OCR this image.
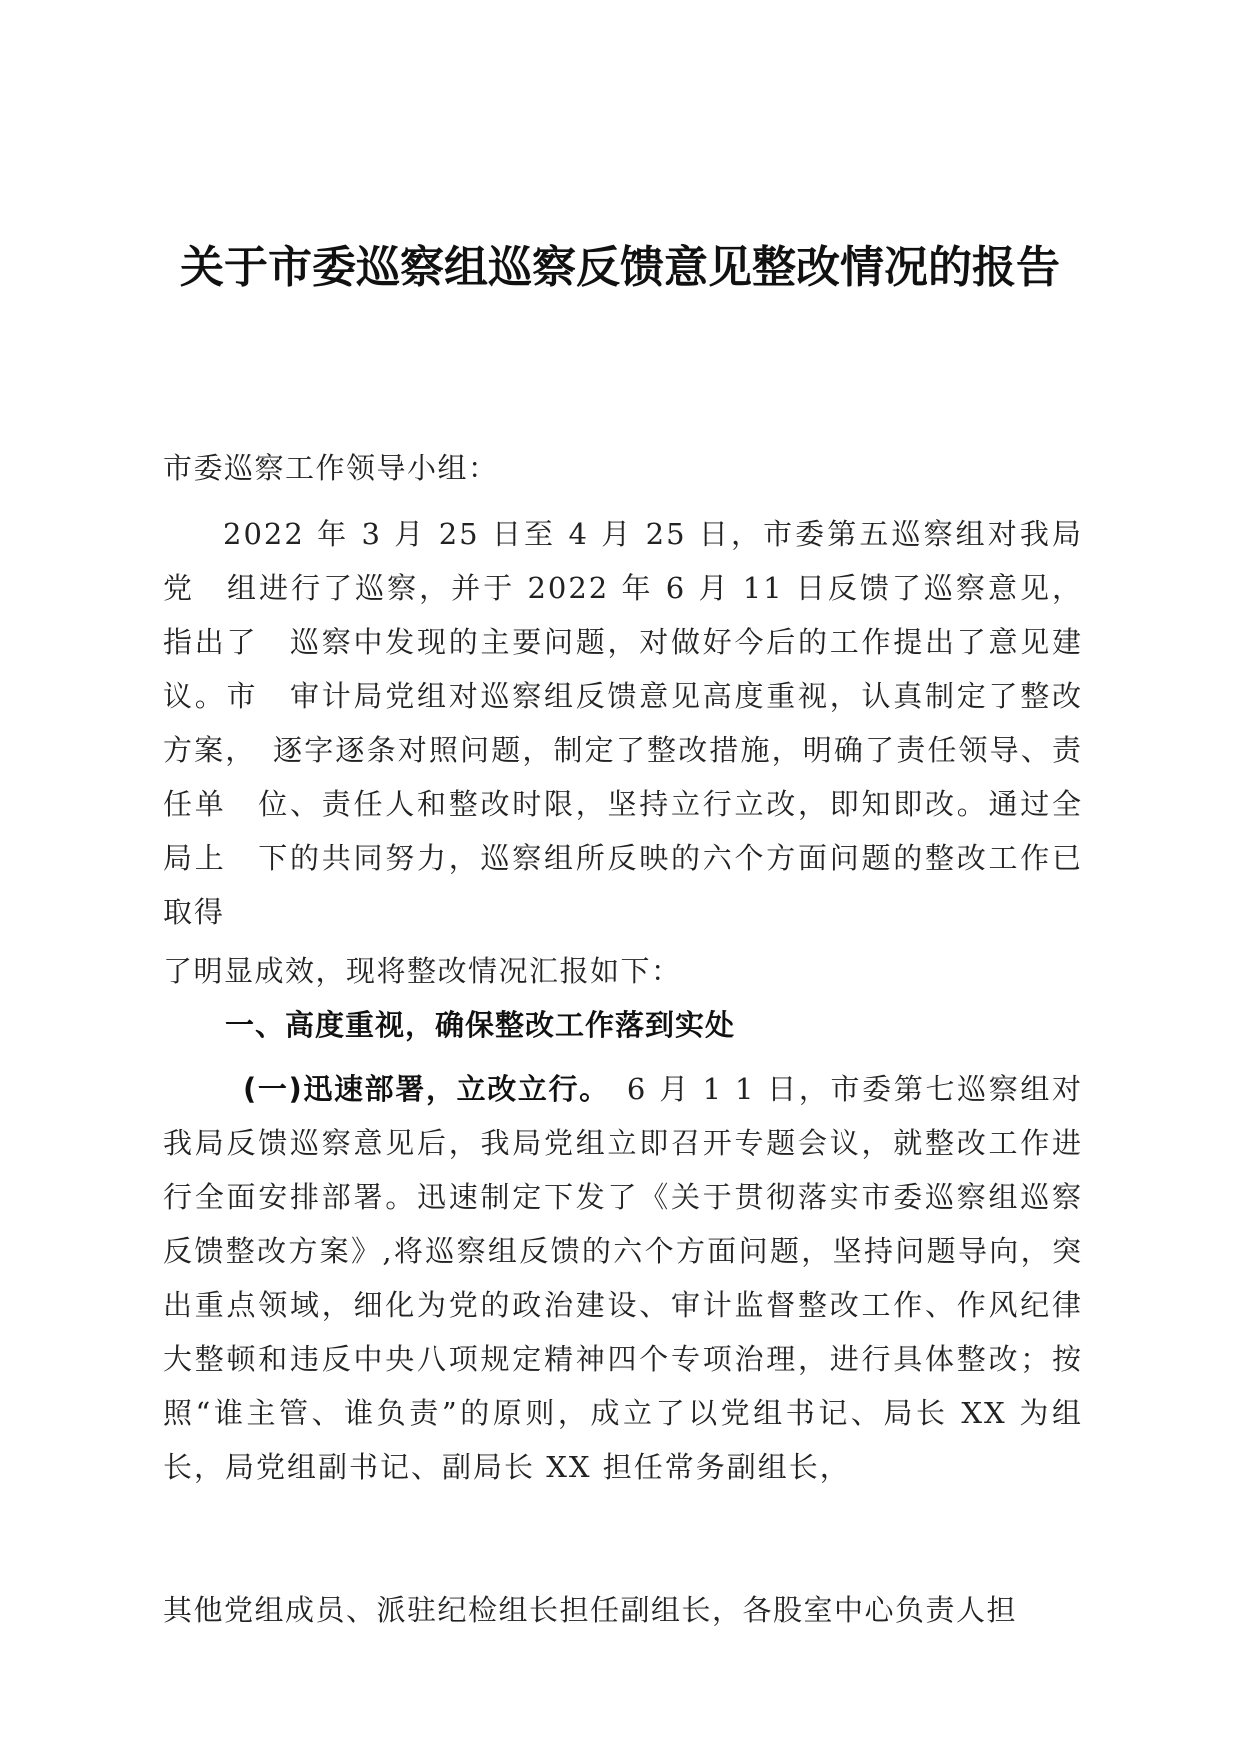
关于市委巡察组巡察反馈意见整改情况的报告
市委巡察工作领导小组：
2022 年 3 月 25 日至 4 月 25 日，市委第五巡察组对我局党　组进行了巡察，并于 2022 年 6 月 11 日反馈了巡察意见，指出了　巡察中发现的主要问题，对做好今后的工作提出了意见建议。市　审计局党组对巡察组反馈意见高度重视，认真制定了整改方案，　逐字逐条对照问题，制定了整改措施，明确了责任领导、责任单　位、责任人和整改时限，坚持立行立改，即知即改。通过全局上　下的共同努力，巡察组所反映的六个方面问题的整改工作已取得
了明显成效，现将整改情况汇报如下：
一、高度重视，确保整改工作落到实处
(一)迅速部署，立改立行。　 6 月 1 1 日，市委第七巡察组对我局反馈巡察意见后，我局党组立即召开专题会议，就整改工作进行全面安排部署。迅速制定下发了《关于贯彻落实市委巡察组巡察反馈整改方案》,将巡察组反馈的六个方面问题，坚持问题导向，突出重点领域，细化为党的政治建设、审计监督整改工作、作风纪律大整顿和违反中央八项规定精神四个专项治理，进行具体整改；按照“谁主管、谁负责”的原则，成立了以党组书记、局长 XX 为组长，局党组副书记、副局长 XX 担任常务副组长，
其他党组成员、派驻纪检组长担任副组长，各股室中心负责人担
